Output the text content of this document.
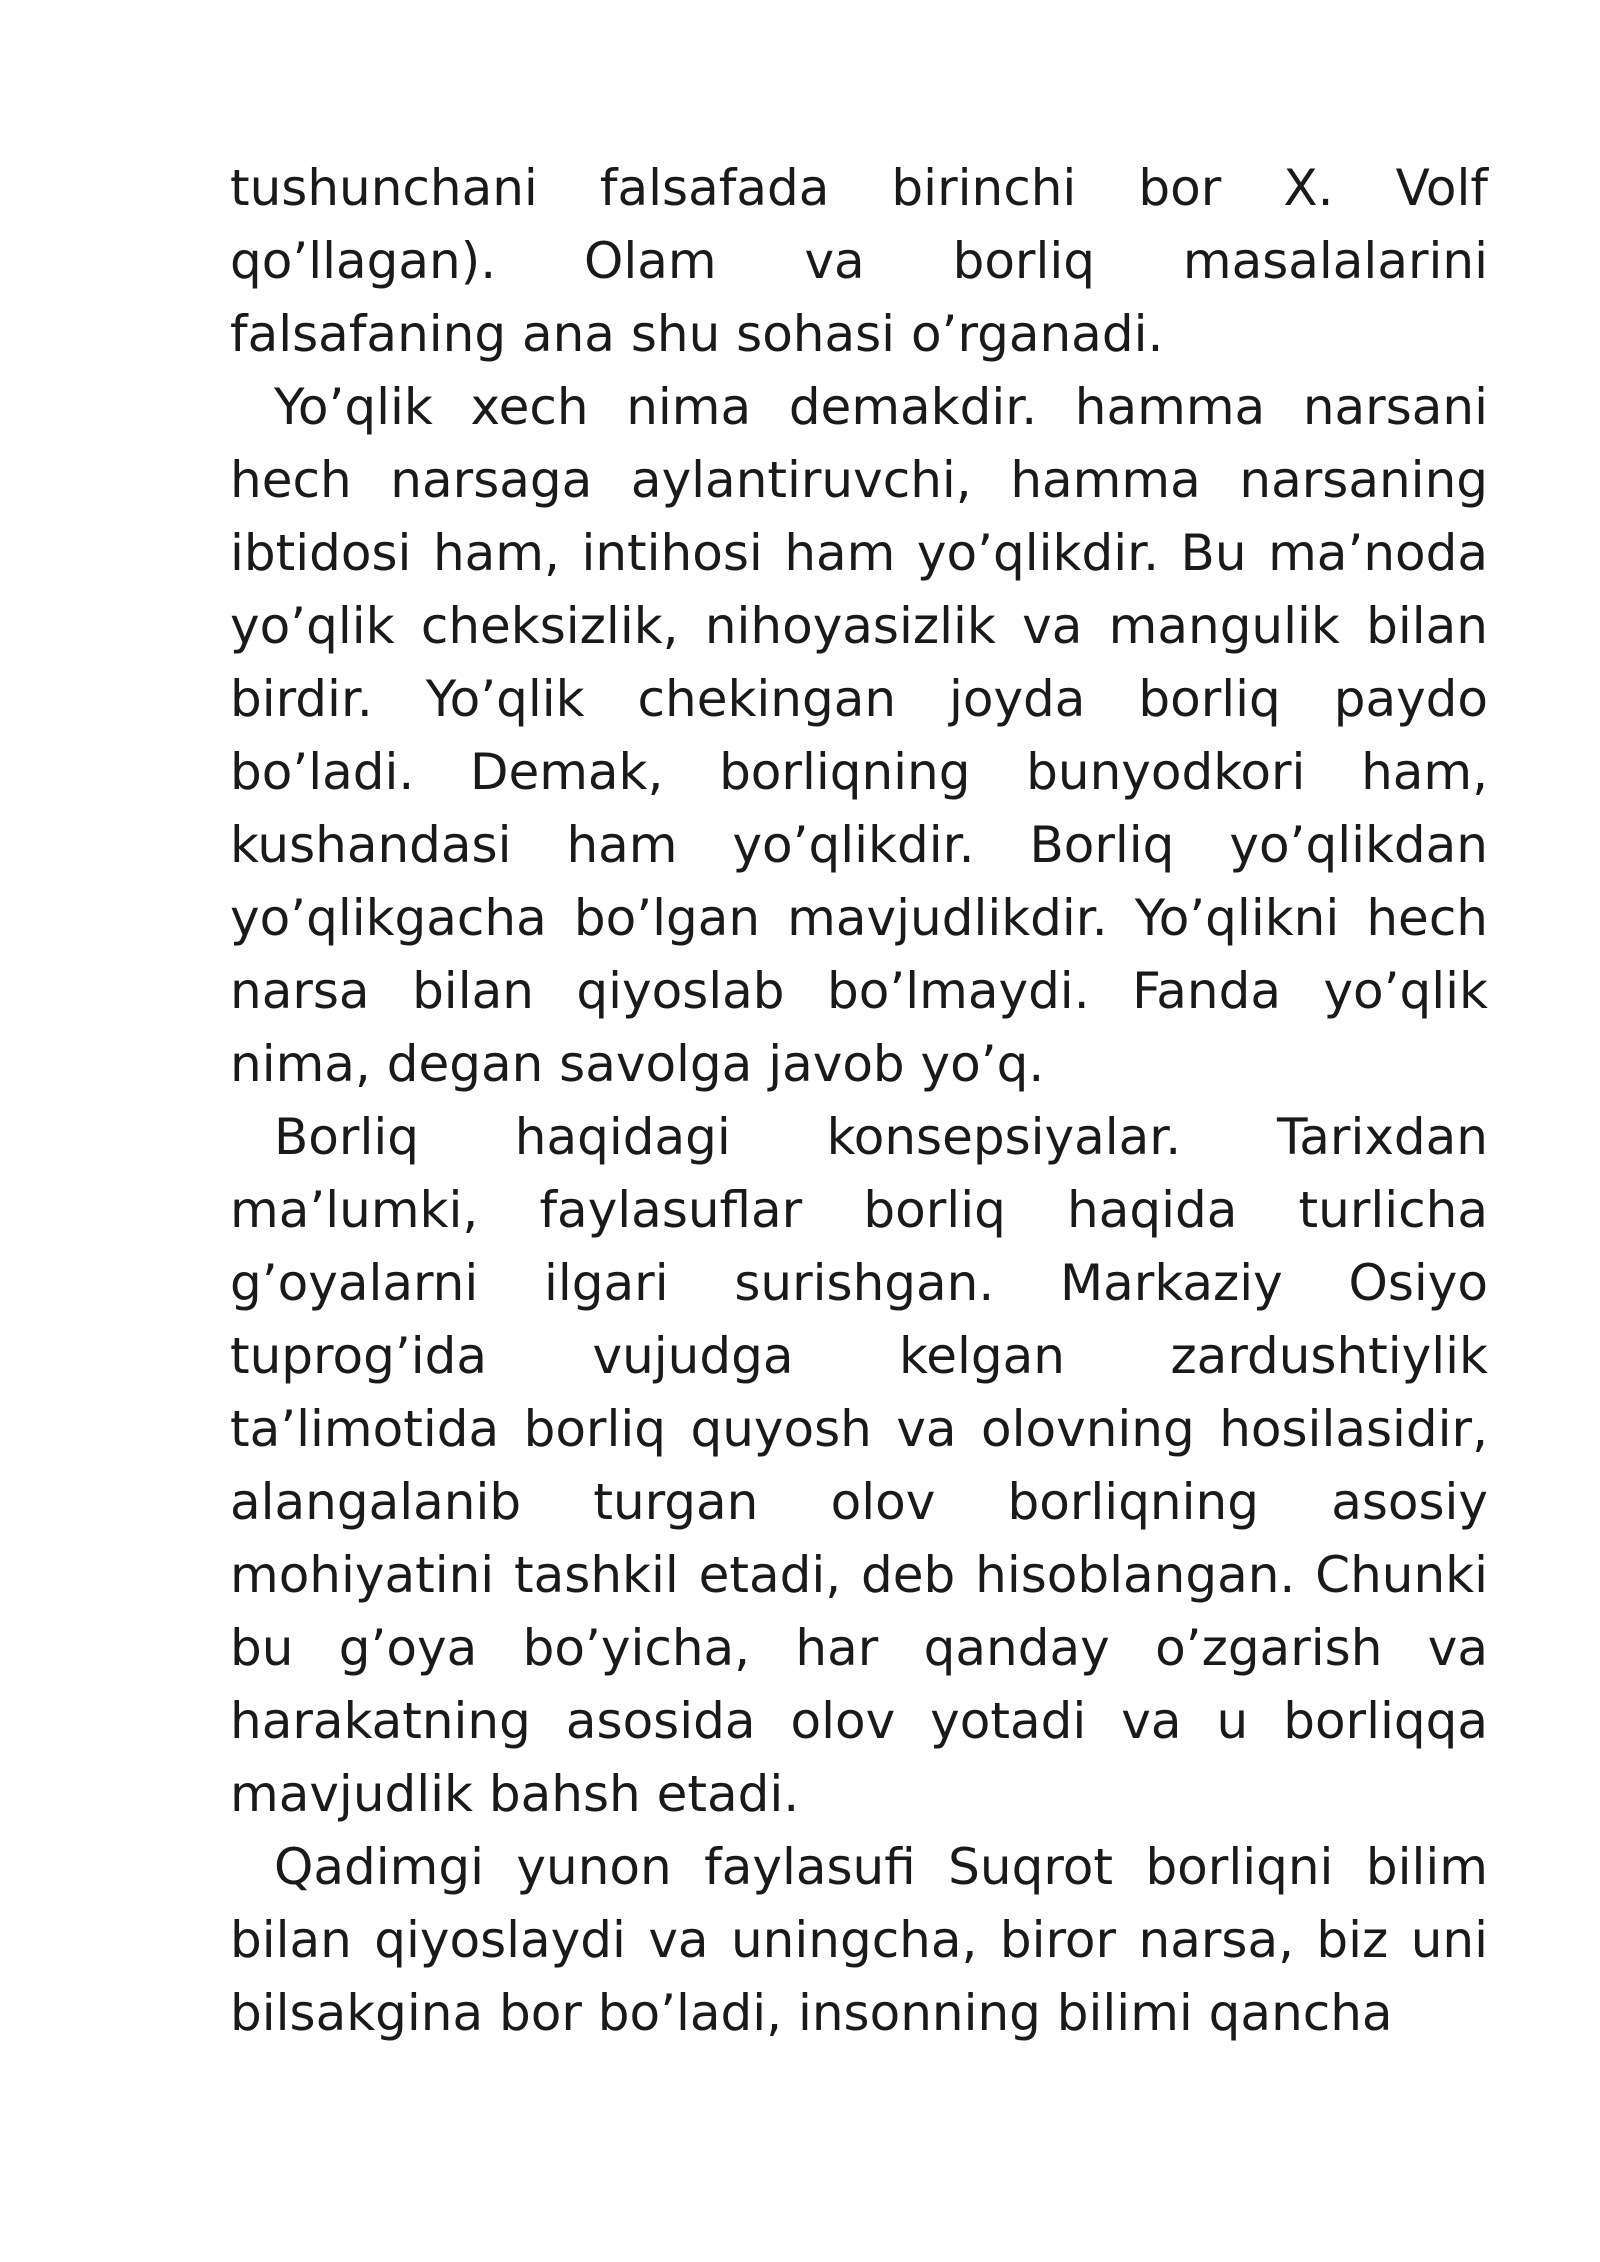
tushunchani falsafada birinchi bor X. Volf qo’llagan). Olam va borliq masalalarini falsafaning ana shu sohasi o’rganadi.

Yo’qlik xech nima demakdir. hamma narsani hech narsaga aylantiruvchi, hamma narsaning ibtidosi ham, intihosi ham yo’qlikdir. Bu ma’noda yo’qlik cheksizlik, nihoyasizlik va mangulik bilan birdir. Yo’qlik chekingan joyda borliq paydo bo’ladi. Demak, borliqning bunyodkori ham, kushandasi ham yo’qlikdir. Borliq yo’qlikdan yo’qlikgacha bo’lgan mavjudlikdir. Yo’qlikni hech narsa bilan qiyoslab bo’lmaydi. Fanda yo’qlik nima, degan savolga javob yo’q.

Borliq haqidagi konsepsiyalar. Tarixdan ma’lumki, faylasuflar borliq haqida turlicha g’oyalarni ilgari surishgan. Markaziy Osiyo tuprog’ida vujudga kelgan zardushtiylik ta’limotida borliq quyosh va olovning hosilasidir, alangalanib turgan olov borliqning asosiy mohiyatini tashkil etadi, deb hisoblangan. Chunki bu g’oya bo’yicha, har qanday o’zgarish va harakatning asosida olov yotadi va u borliqqa mavjudlik bahsh etadi.

Qadimgi yunon faylasufi Suqrot borliqni bilim bilan qiyoslaydi va uningcha, biror narsa, biz uni bilsakgina bor bo’ladi, insonning bilimi qancha
